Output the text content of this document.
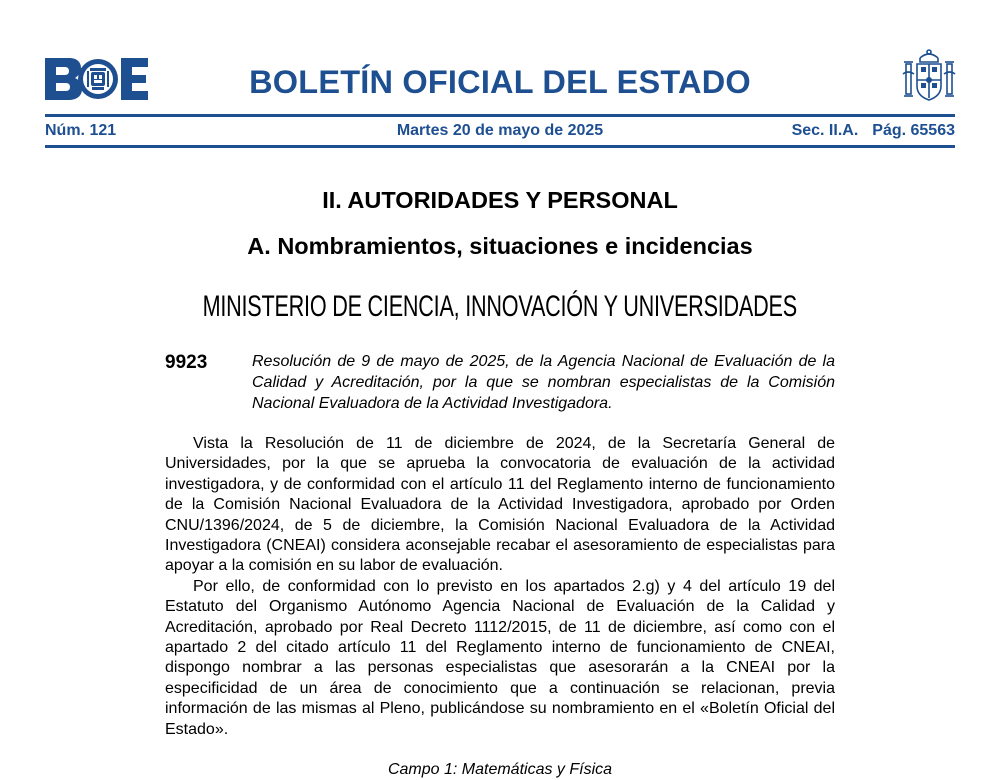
BOLETÍN OFICIAL DEL ESTADO
Núm. 121	Martes 20 de mayo de 2025	Sec. II.A. Pág. 65563
II. AUTORIDADES Y PERSONAL
A. Nombramientos, situaciones e incidencias
MINISTERIO DE CIENCIA, INNOVACIÓN Y UNIVERSIDADES
9923	Resolución de 9 de mayo de 2025, de la Agencia Nacional de Evaluación de la Calidad y Acreditación, por la que se nombran especialistas de la Comisión Nacional Evaluadora de la Actividad Investigadora.

Vista la Resolución de 11 de diciembre de 2024, de la Secretaría General de Universidades, por la que se aprueba la convocatoria de evaluación de la actividad investigadora, y de conformidad con el artículo 11 del Reglamento interno de funcionamiento de la Comisión Nacional Evaluadora de la Actividad Investigadora, aprobado por Orden CNU/1396/2024, de 5 de diciembre, la Comisión Nacional Evaluadora de la Actividad Investigadora (CNEAI) considera aconsejable recabar el asesoramiento de especialistas para apoyar a la comisión en su labor de evaluación.

Por ello, de conformidad con lo previsto en los apartados 2.g) y 4 del artículo 19 del Estatuto del Organismo Autónomo Agencia Nacional de Evaluación de la Calidad y Acreditación, aprobado por Real Decreto 1112/2015, de 11 de diciembre, así como con el apartado 2 del citado artículo 11 del Reglamento interno de funcionamiento de CNEAI, dispongo nombrar a las personas especialistas que asesorarán a la CNEAI por la especificidad de un área de conocimiento que a continuación se relacionan, previa información de las mismas al Pleno, publicándose su nombramiento en el «Boletín Oficial del Estado».

Campo 1: Matemáticas y Física
